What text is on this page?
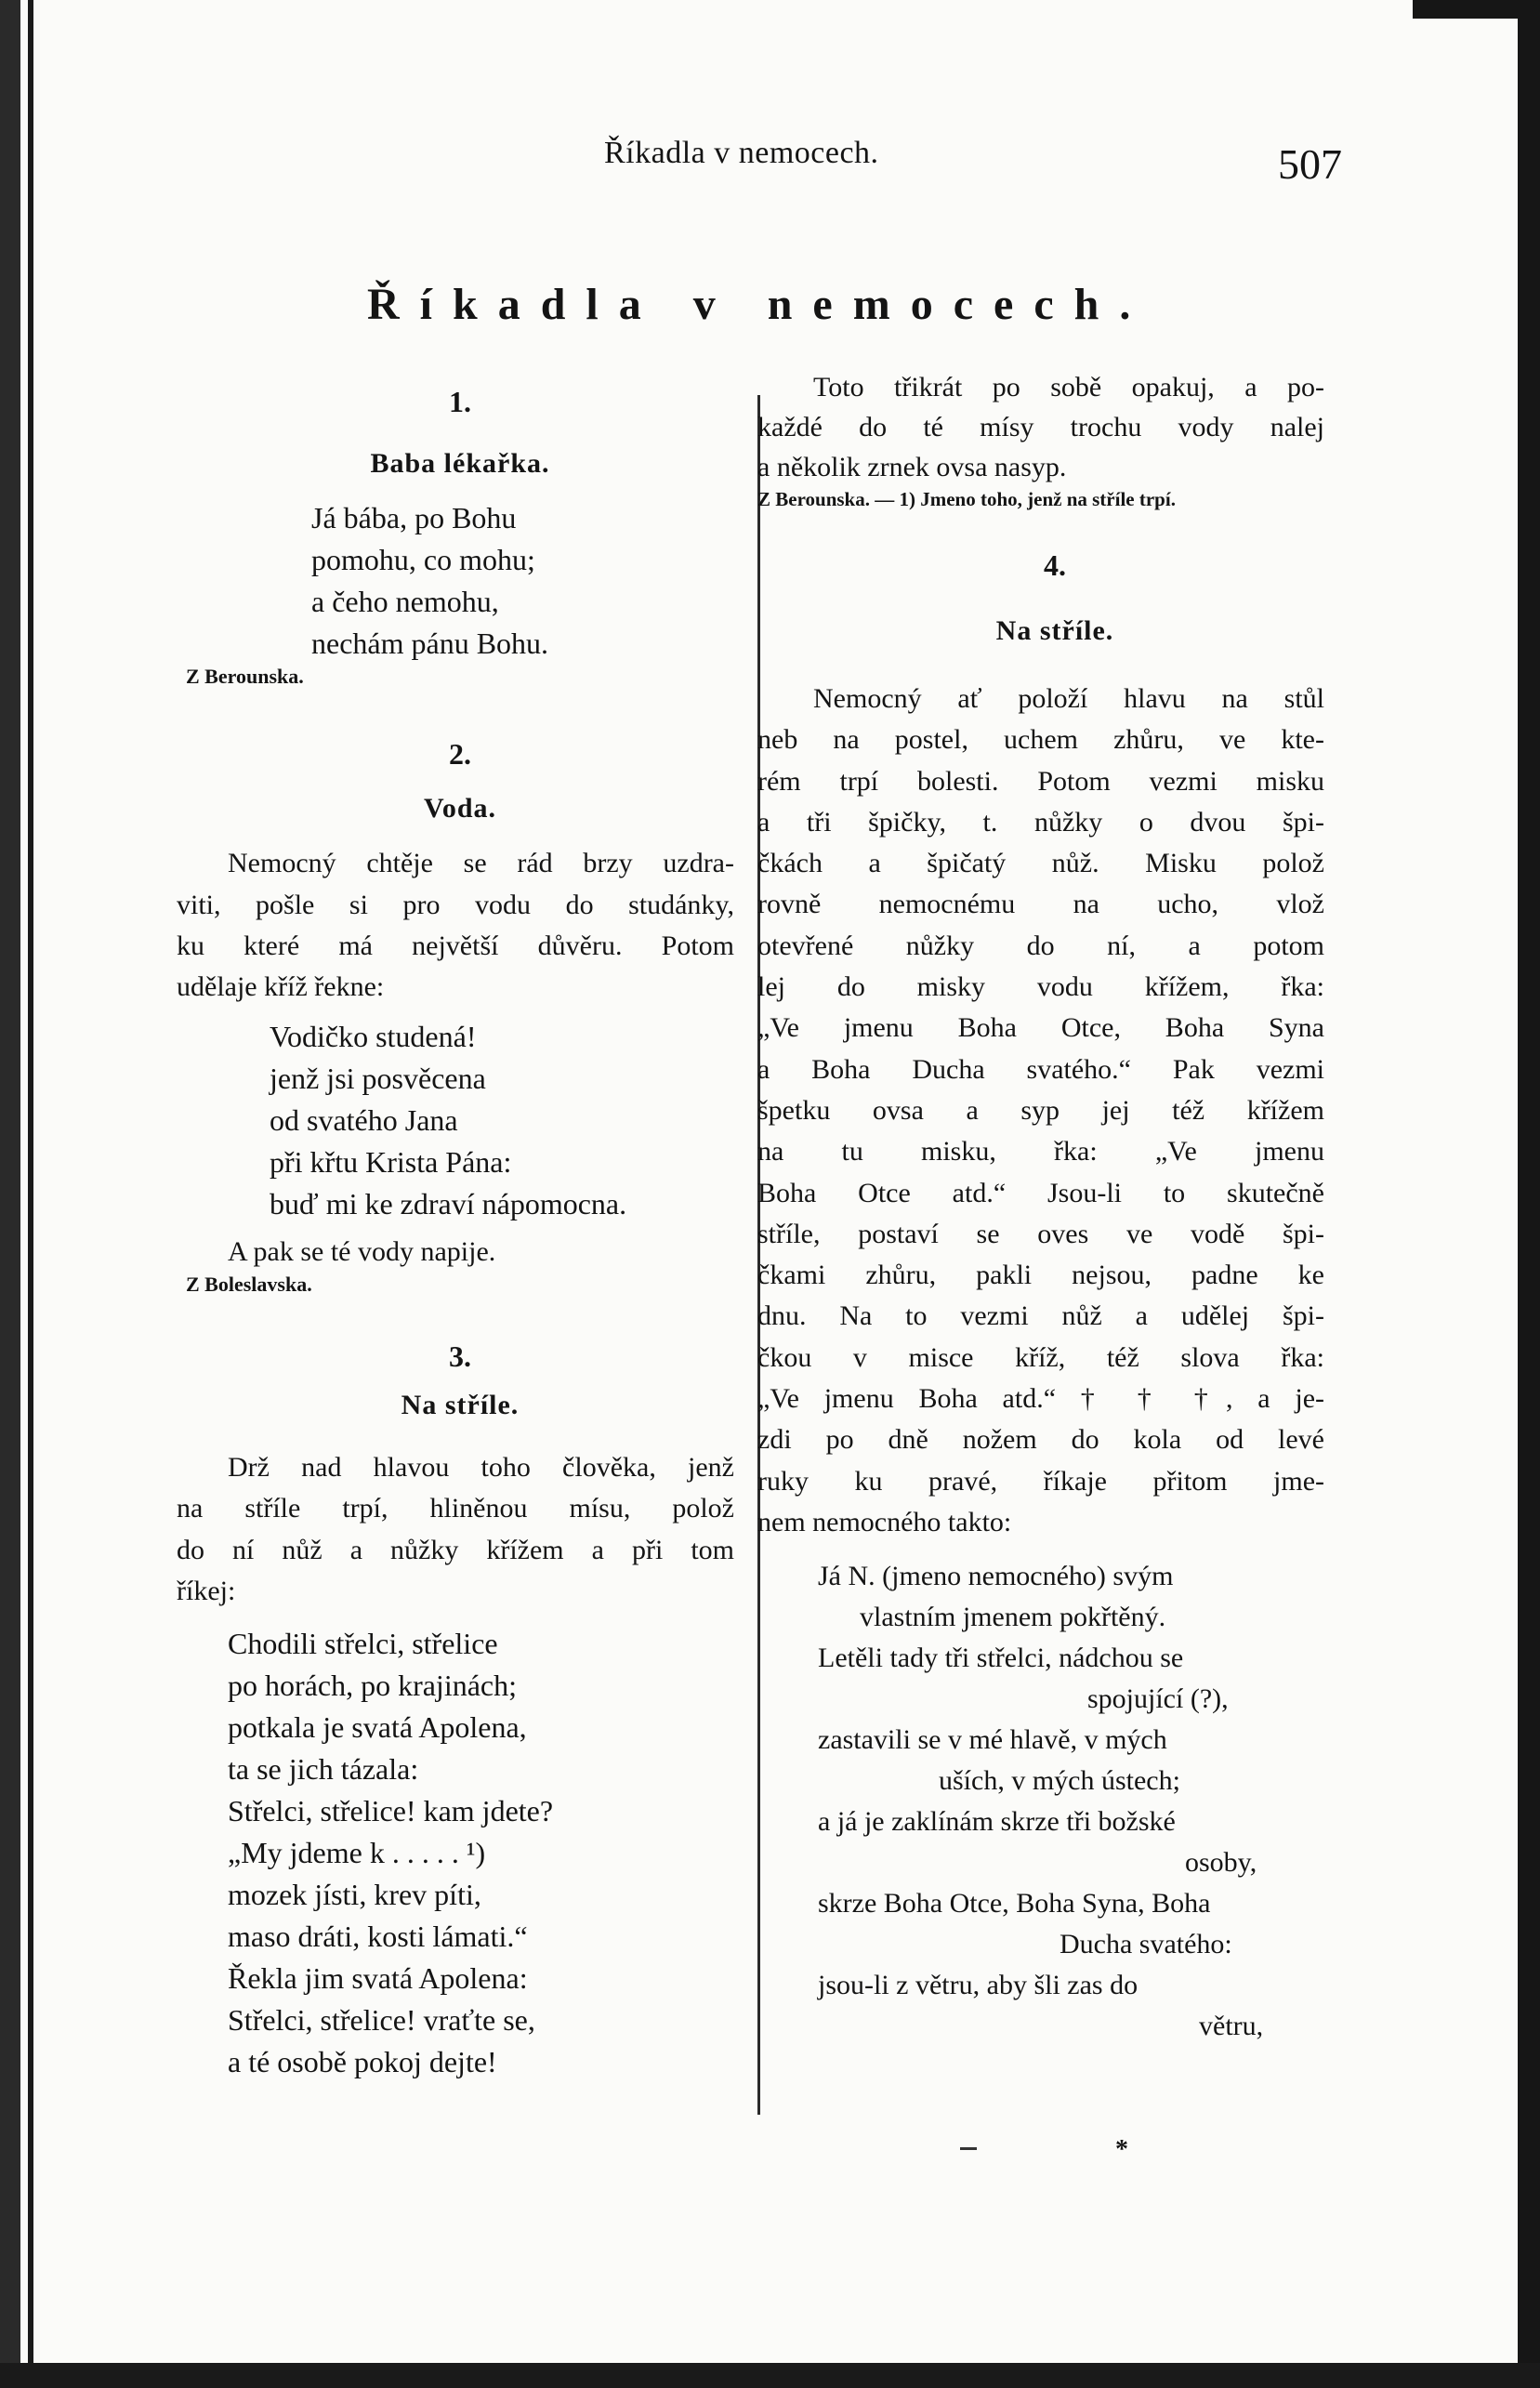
Říkadla v nemocech.	507
Říkadla v nemocech.
1.
Baba lékařka.
Já bába, po Bohu
pomohu, co mohu;
a čeho nemohu,
nechám pánu Bohu.
Z Berounska.
2.
Voda.
Nemocný chtěje se rád brzy uzdra-
viti, pošle si pro vodu do studánky,
ku které má největší důvěru. Potom
udělaje kříž řekne:
Vodičko studená!
jenž jsi posvěcena
od svatého Jana
při křtu Krista Pána:
buď mi ke zdraví nápomocna.
A pak se té vody napije.
Z Boleslavska.
3.
Na stříle.
Drž nad hlavou toho člověka, jenž
na stříle trpí, hliněnou mísu, polož
do ní nůž a nůžky křížem a při tom
říkej:
Chodili střelci, střelice
po horách, po krajinách;
potkala je svatá Apolena,
ta se jich tázala:
Střelci, střelice! kam jdete?
„My jdeme k . . . . . ¹)
mozek jísti, krev píti,
maso dráti, kosti lámati.“
Řekla jim svatá Apolena:
Střelci, střelice! vraťte se,
a té osobě pokoj dejte!
Toto třikrát po sobě opakuj, a po-
každé do té mísy trochu vody nalej
a několik zrnek ovsa nasyp.
Z Berounska. — 1) Jmeno toho, jenž na stříle trpí.
4.
Na stříle.
Nemocný ať položí hlavu na stůl
neb na postel, uchem zhůru, ve kte-
rém trpí bolesti. Potom vezmi misku
a tři špičky, t. nůžky o dvou špi-
čkách a špičatý nůž. Misku polož
rovně nemocnému na ucho, vlož
otevřené nůžky do ní, a potom
lej do misky vodu křížem, řka:
„Ve jmenu Boha Otce, Boha Syna
a Boha Ducha svatého.“ Pak vezmi
špetku ovsa a syp jej též křížem
na tu misku, řka: „Ve jmenu
Boha Otce atd.“ Jsou-li to skutečně
stříle, postaví se oves ve vodě špi-
čkami zhůru, pakli nejsou, padne ke
dnu. Na to vezmi nůž a udělej špi-
čkou v misce kříž, též slova řka:
„Ve jmenu Boha atd.“ † † †, a je-
zdi po dně nožem do kola od levé
ruky ku pravé, říkaje přitom jme-
nem nemocného takto:
Já N. (jmeno nemocného) svým
vlastním jmenem pokřtěný.
Letěli tady tři střelci, nádchou se
spojující (?),
zastavili se v mé hlavě, v mých
uších, v mých ústech;
a já je zaklínám skrze tři božské
osoby,
skrze Boha Otce, Boha Syna, Boha
Ducha svatého:
jsou-li z větru, aby šli zas do
větru,
*
